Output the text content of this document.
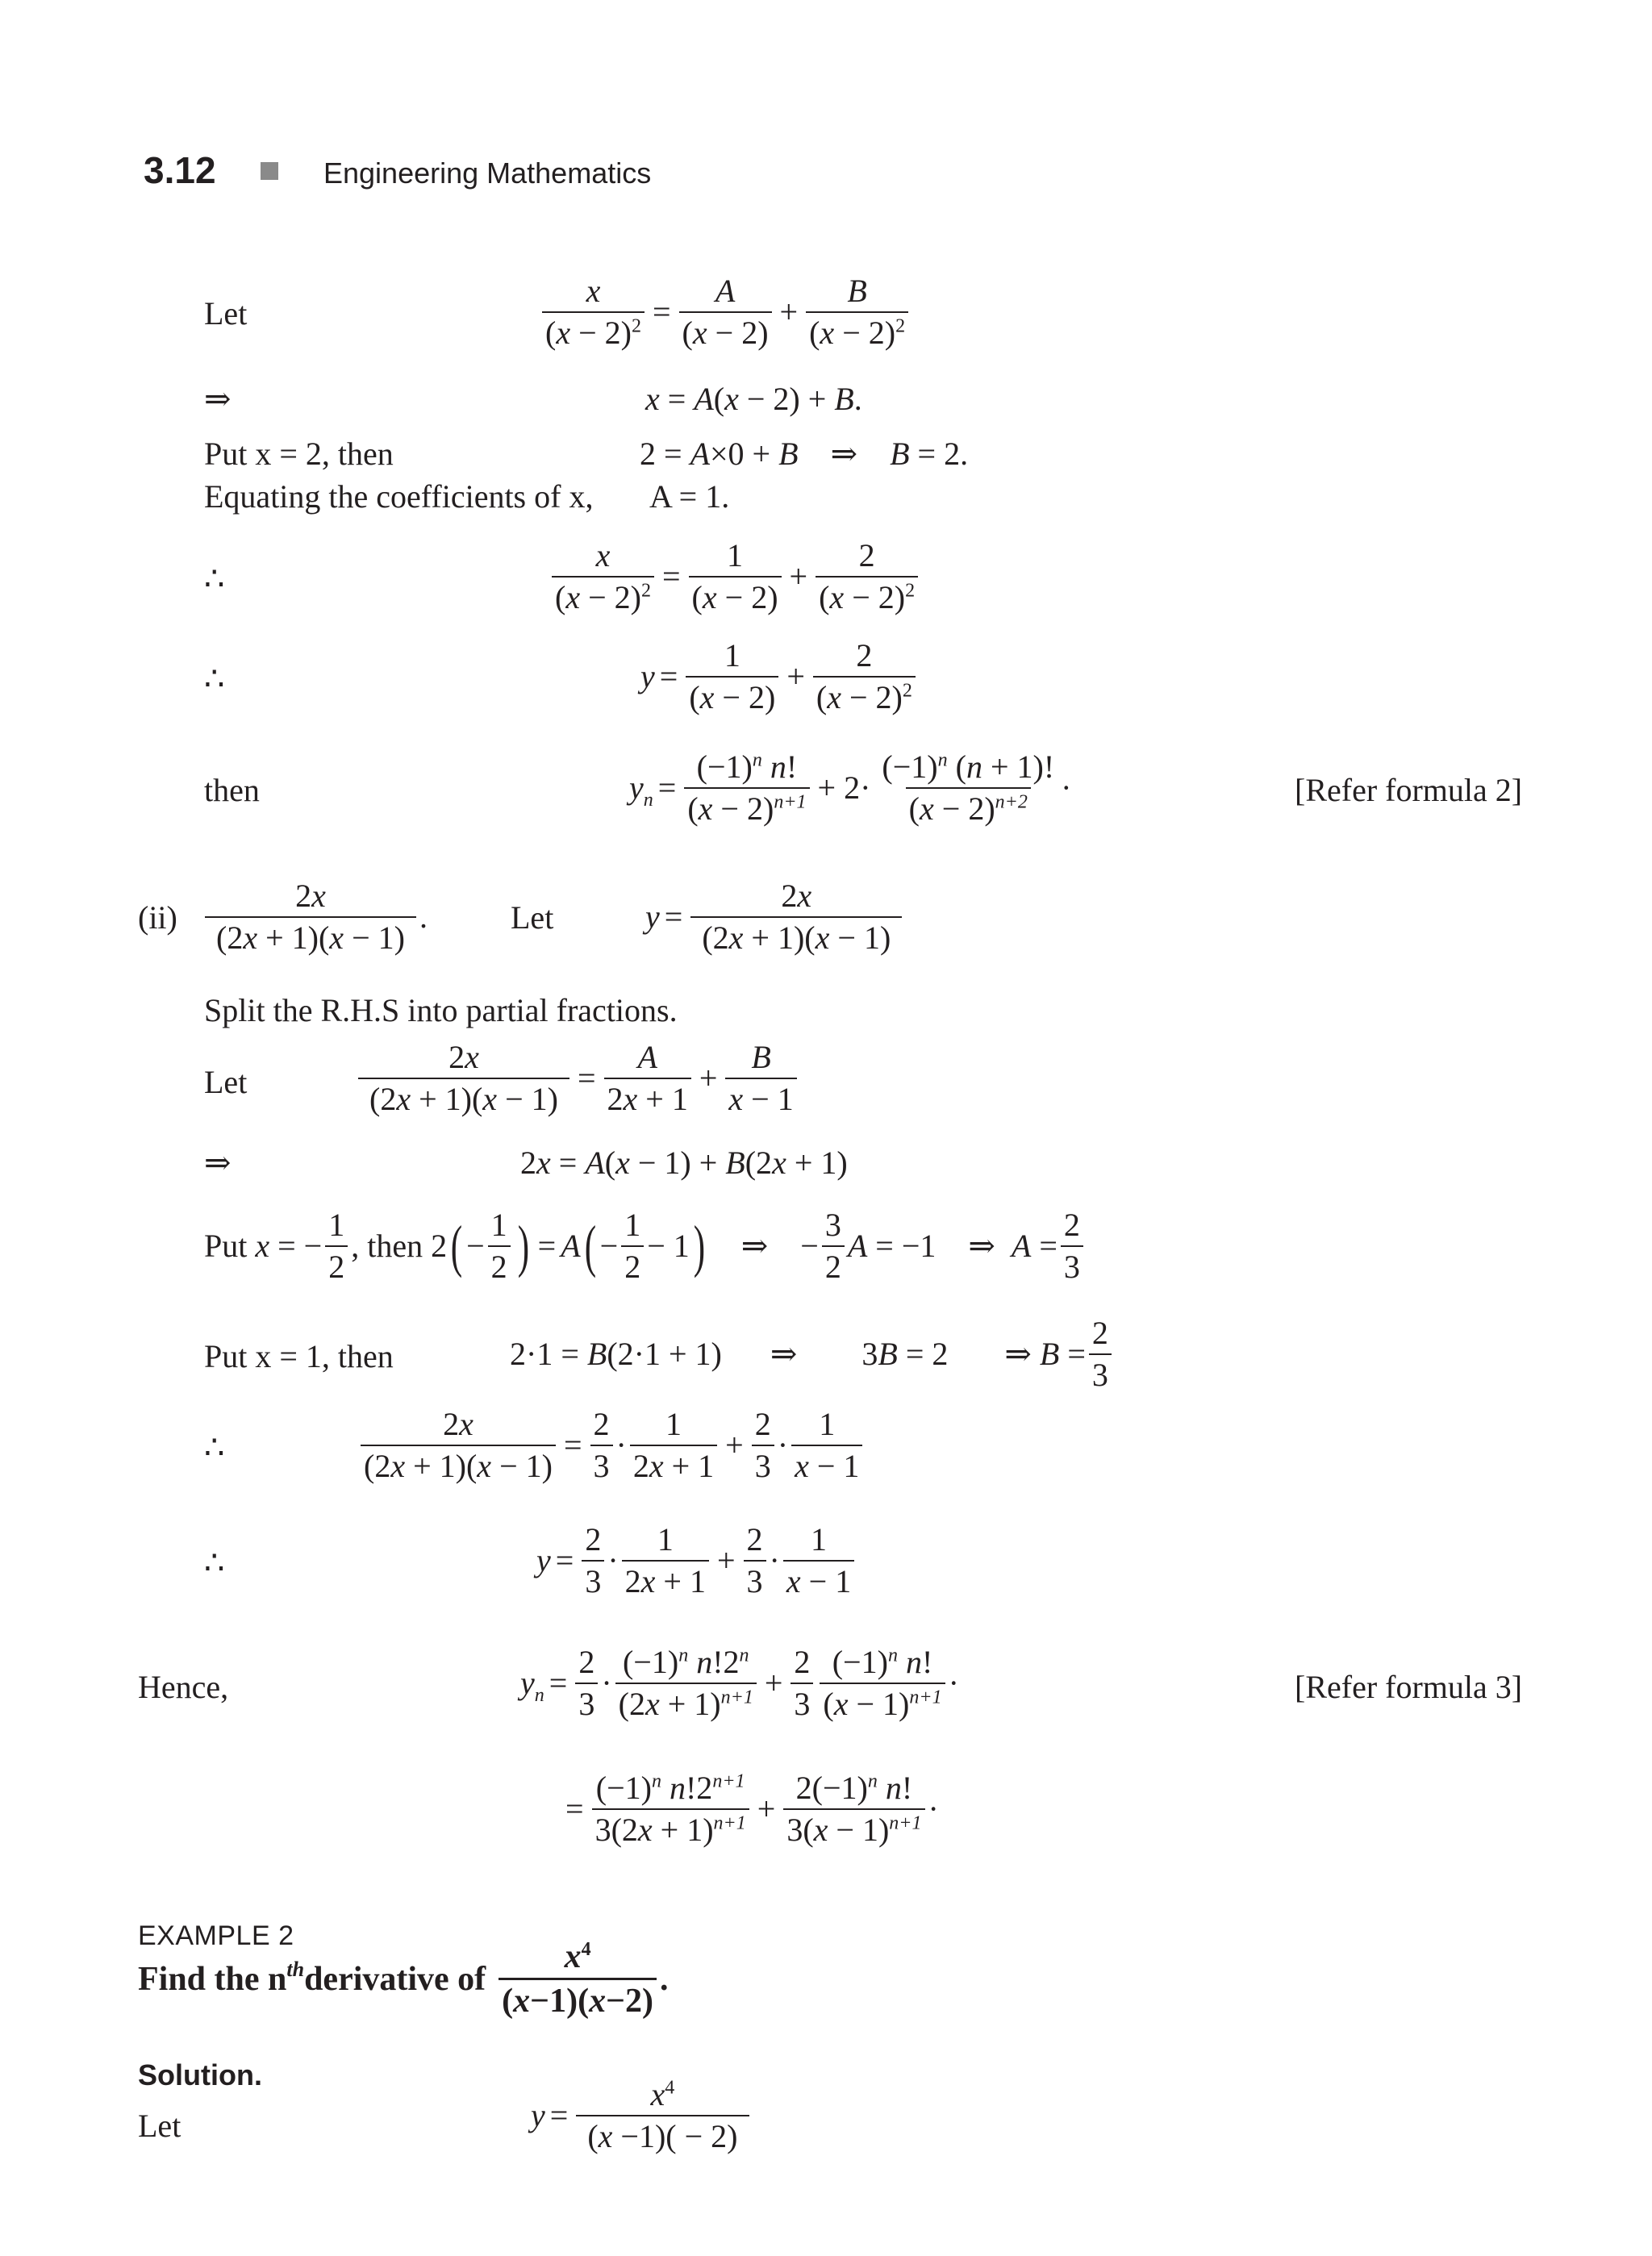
3.12	Engineering Mathematics
Let	$\frac{x}{(x - 2)^2} = \frac{A}{(x - 2)} + \frac{B}{(x - 2)^2}$
⇒	x = A(x − 2) + B.
Put x = 2, then	2 = A×0 + B    ⇒    B = 2.
Equating the coefficients of x, A = 1.
∴	$\frac{x}{(x - 2)^2} = \frac{1}{(x - 2)} + \frac{2}{(x - 2)^2}$
∴	$y = \frac{1}{(x - 2)} + \frac{2}{(x - 2)^2}$
then	$y_n = \frac{(-1)^n n!}{(x - 2)^{n+1}} + 2\cdot \frac{(-1)^n (n + 1)!}{(x - 2)^{n+2}}$ ·	[Refer formula 2]
$(ii) \frac{2x}{(2x + 1)(x - 1)}$ .	Let	$y = \frac{2x}{(2x + 1)(x - 1)}$
Split the R.H.S into partial fractions.
Let	$\frac{2x}{(2x + 1)(x - 1)} = \frac{A}{2x + 1} + \frac{B}{x - 1}$
⇒	2x = A(x − 1) + B(2x + 1)
Put x = − $\frac{1}{2}$ , then 2 ( − $\frac{1}{2}$ ) = A ( − $\frac{1}{2} - 1$ ) ⇒ − $\frac{3}{2}$ A = −1 ⇒ $A = \frac{2}{3}$
Put x = 1, then	2·1 = B(2·1 + 1) ⇒ 3B = 2 ⇒ $B = \frac{2}{3}$
∴	$\frac{2x}{(2x + 1)(x - 1)} = \frac{2}{3} \cdot \frac{1}{2x + 1} + \frac{2}{3} \cdot \frac{1}{x - 1}$
∴	$y = \frac{2}{3} \cdot \frac{1}{2x + 1} + \frac{2}{3} \cdot \frac{1}{x - 1}$
Hence,	$y_n = \frac{2}{3} \cdot \frac{(-1)^n n!2^n}{(2x + 1)^{n+1}} + \frac{2}{3} \frac{(-1)^n n!}{(x - 1)^{n+1}}$ ·	[Refer formula 3]
= $\frac{(-1)^n n!2^{n+1}}{3(2x + 1)^{n+1}} + \frac{2(-1)^n n!}{3(x - 1)^{n+1}}$ ·
EXAMPLE 2
Find the $n^{th}$ derivative of $\frac{x^4}{(x-1)(x-2)}$ .
Solution.
Let	$y = \frac{x^4}{(x -1)( - 2)}$
